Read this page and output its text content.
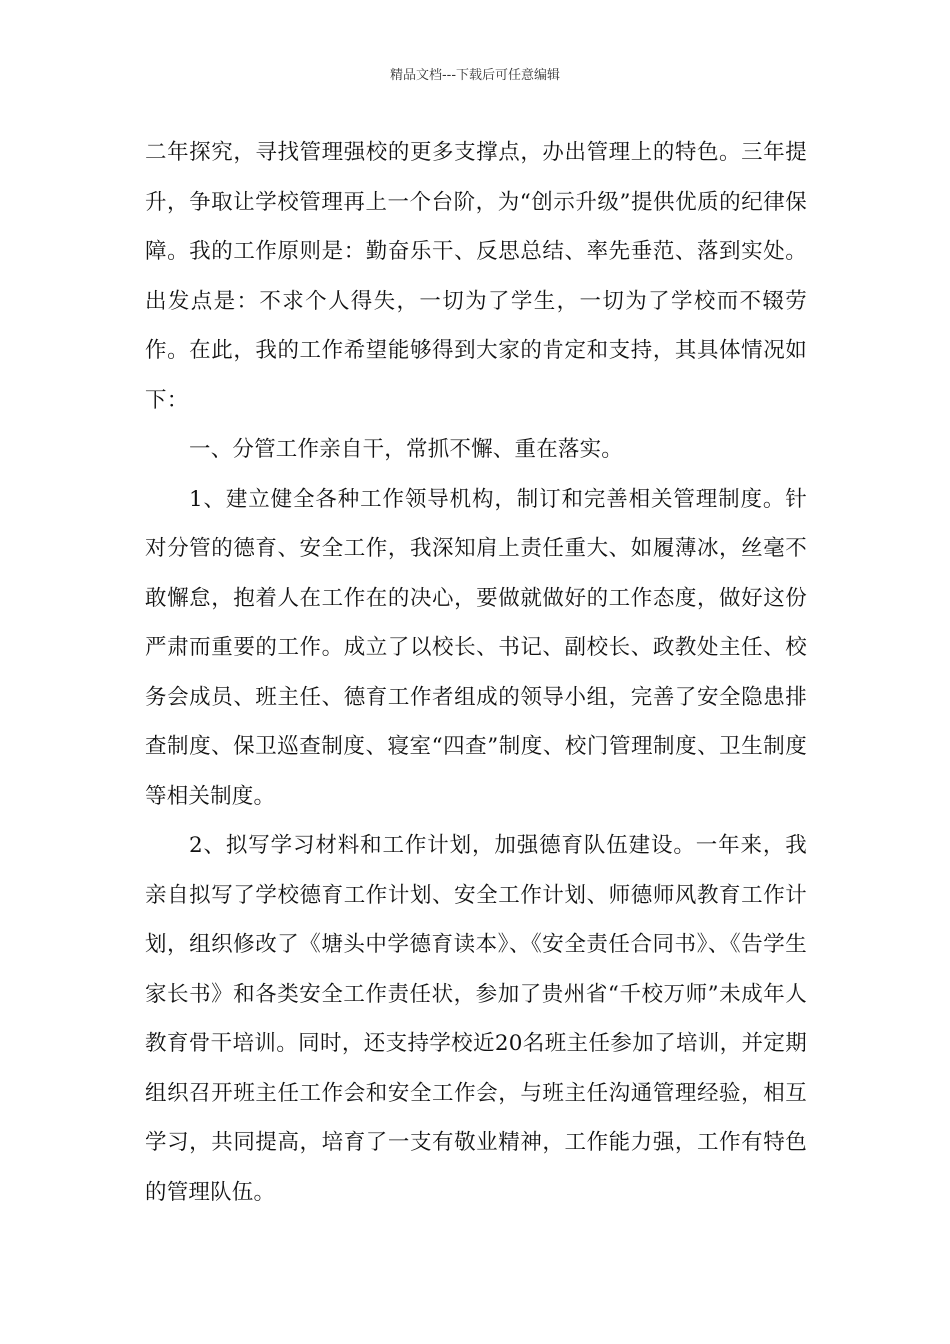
精品文档---下载后可任意编辑

二年探究，寻找管理强校的更多支撑点，办出管理上的特色。三年提升，争取让学校管理再上一个台阶，为“创示升级”提供优质的纪律保障。我的工作原则是：勤奋乐干、反思总结、率先垂范、落到实处。出发点是：不求个人得失，一切为了学生，一切为了学校而不辍劳作。在此，我的工作希望能够得到大家的肯定和支持，其具体情况如下：

一、分管工作亲自干，常抓不懈、重在落实。

1、建立健全各种工作领导机构，制订和完善相关管理制度。针对分管的德育、安全工作，我深知肩上责任重大、如履薄冰，丝毫不敢懈怠，抱着人在工作在的决心，要做就做好的工作态度，做好这份严肃而重要的工作。成立了以校长、书记、副校长、政教处主任、校务会成员、班主任、德育工作者组成的领导小组，完善了安全隐患排查制度、保卫巡查制度、寝室“四查”制度、校门管理制度、卫生制度等相关制度。

2、拟写学习材料和工作计划，加强德育队伍建设。一年来，我亲自拟写了学校德育工作计划、安全工作计划、师德师风教育工作计划，组织修改了《塘头中学德育读本》、《安全责任合同书》、《告学生家长书》和各类安全工作责任状，参加了贵州省“千校万师”未成年人教育骨干培训。同时，还支持学校近20名班主任参加了培训，并定期组织召开班主任工作会和安全工作会，与班主任沟通管理经验，相互学习，共同提高，培育了一支有敬业精神，工作能力强，工作有特色的管理队伍。
